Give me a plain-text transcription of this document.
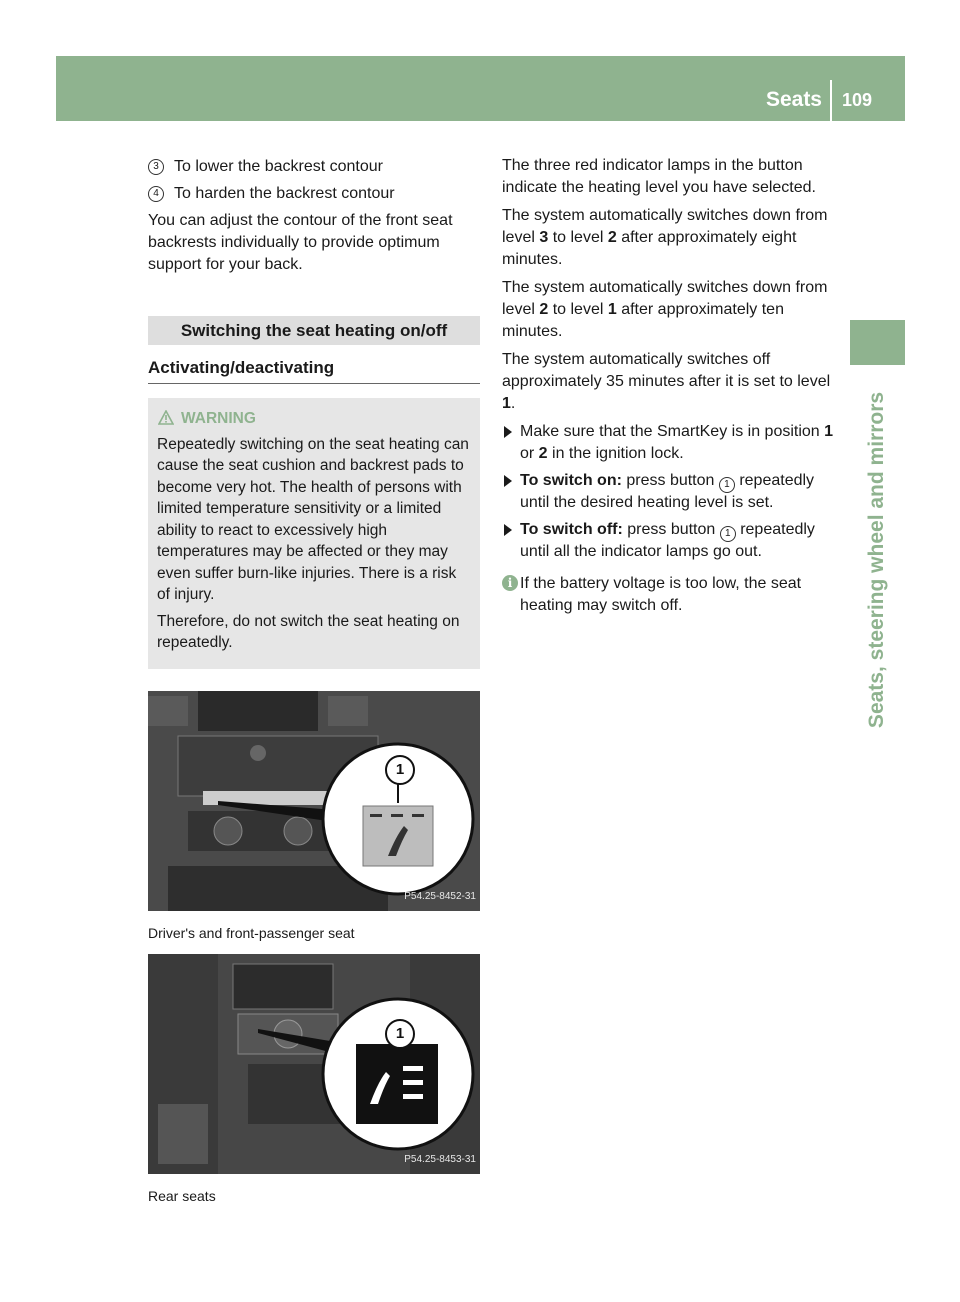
Seats 109
Seats, steering wheel and mirrors
3 To lower the backrest contour
4 To harden the backrest contour

You can adjust the contour of the front seat backrests individually to provide optimum support for your back.

Switching the seat heating on/off
Activating/deactivating
WARNING

Repeatedly switching on the seat heating can cause the seat cushion and backrest pads to become very hot. The health of persons with limited temperature sensitivity or a limited ability to react to excessively high temperatures may be affected or they may even suffer burn-like injuries. There is a risk of injury.

Therefore, do not switch the seat heating on repeatedly.

1
P54.25-8452-31
Driver's and front-passenger seat
1
P54.25-8453-31
Rear seats

The three red indicator lamps in the button indicate the heating level you have selected.

The system automatically switches down from level 3 to level 2 after approximately eight minutes.

The system automatically switches down from level 2 to level 1 after approximately ten minutes.

The system automatically switches off approximately 35 minutes after it is set to level 1.

Make sure that the SmartKey is in position 1 or 2 in the ignition lock.
To switch on: press button 1 repeatedly until the desired heating level is set.
To switch off: press button 1 repeatedly until all the indicator lamps go out.
i If the battery voltage is too low, the seat heating may switch off.
